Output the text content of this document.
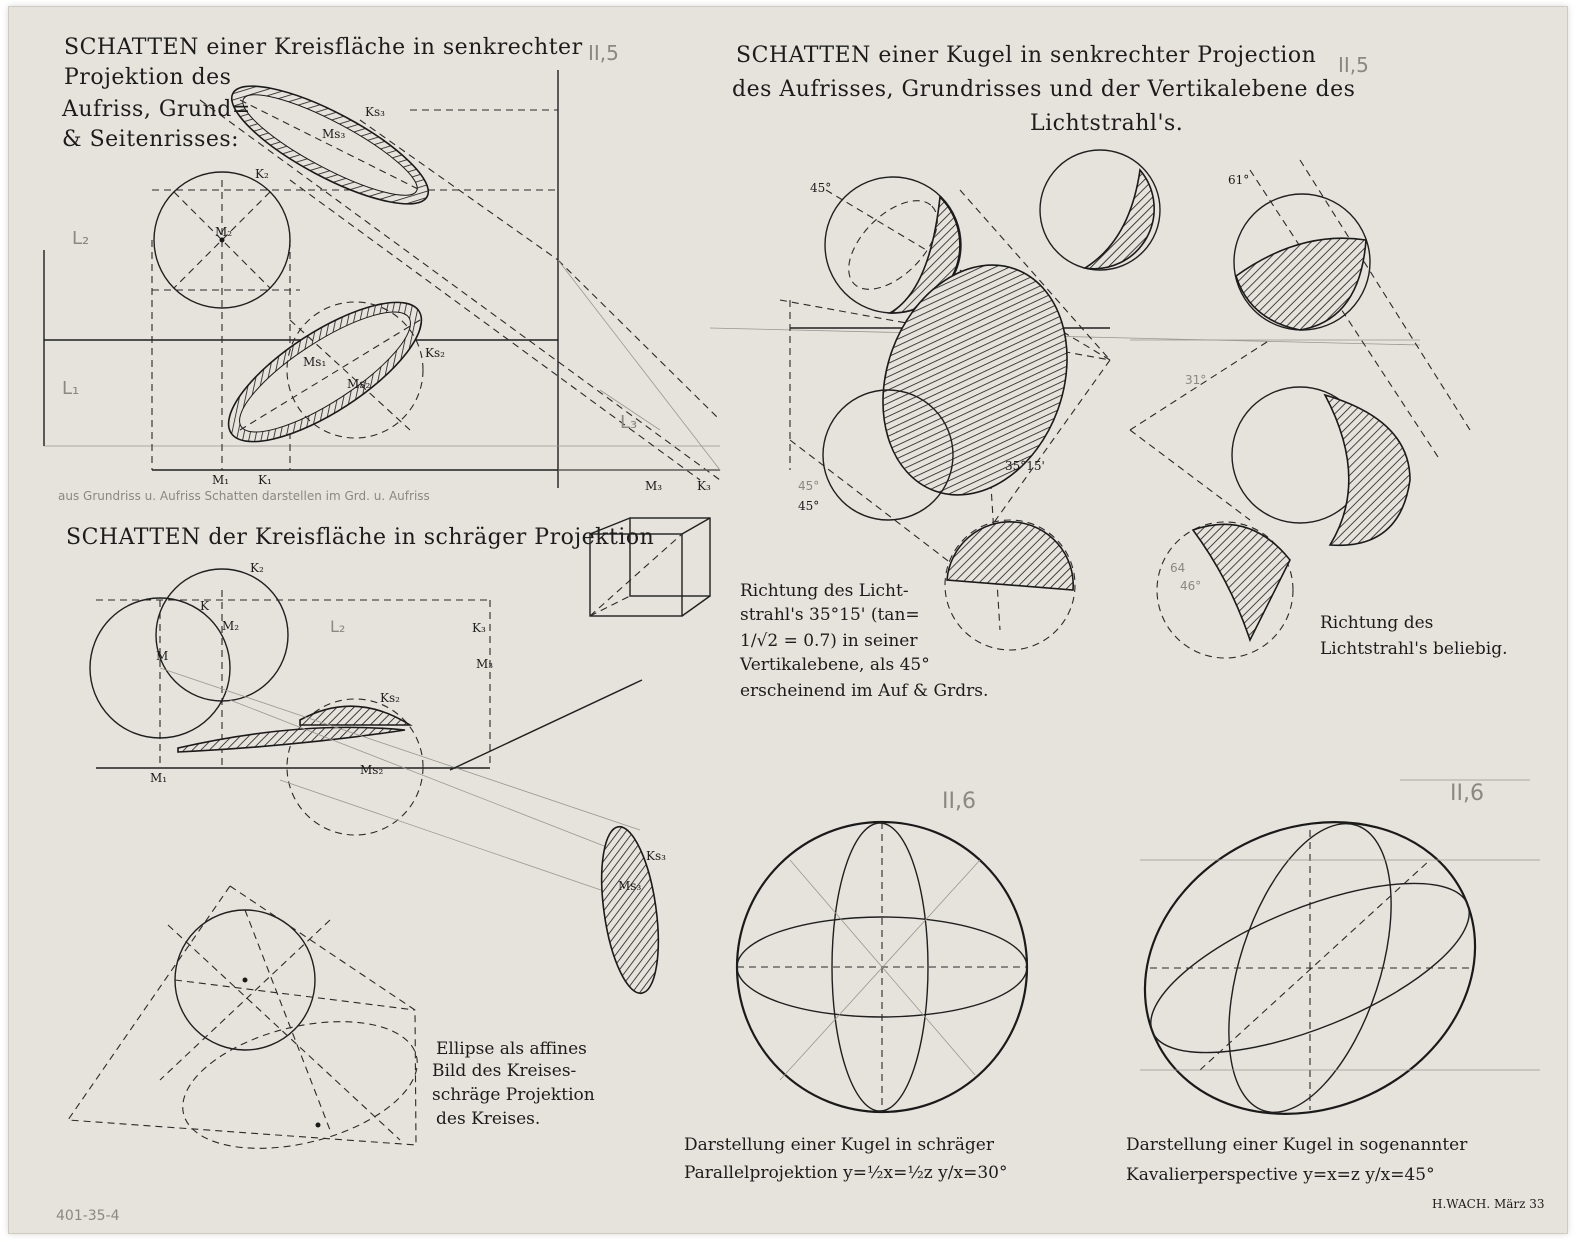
K₂
M₂
Ks₃
Ms₃
Ks₂
Ms₁
Ms₂
M₁ K₁	M₃	K₃
L₁
L₂
L₃
SCHATTEN einer Kreisfläche in senkrechter
Projektion des
Aufriss, Grund=
& Seitenrisses:
II,5
aus Grundriss u. Aufriss Schatten darstellen im Grd. u. Aufriss
SCHATTEN der Kreisfläche in schräger Projektion
K₂
K
M₂
M
Ks₂
Ms₂
M₁
K₃
M₃
Ks₃
Ms₃
L₂
Ellipse als affines
Bild des Kreises-
schräge Projektion
des Kreises.
SCHATTEN einer Kugel in senkrechter Projection
des Aufrisses, Grundrisses und der Vertikalebene des
Lichtstrahl's.
II,5
45°
45°
45°
35°15'
61°
31°
46°
64
Richtung des Licht-
strahl's 35°15' (tan=
1/√2 = 0.7) in seiner
Vertikalebene, als 45°
erscheinend im Auf & Grdrs.
Richtung des
Lichtstrahl's beliebig.
II,6
Darstellung einer Kugel in schräger
Parallelprojektion y=½x=½z y/x=30°
II,6
Darstellung einer Kugel in sogenannter
Kavalierperspective y=x=z y/x=45°
H.WACH. März 33
401-35-4
